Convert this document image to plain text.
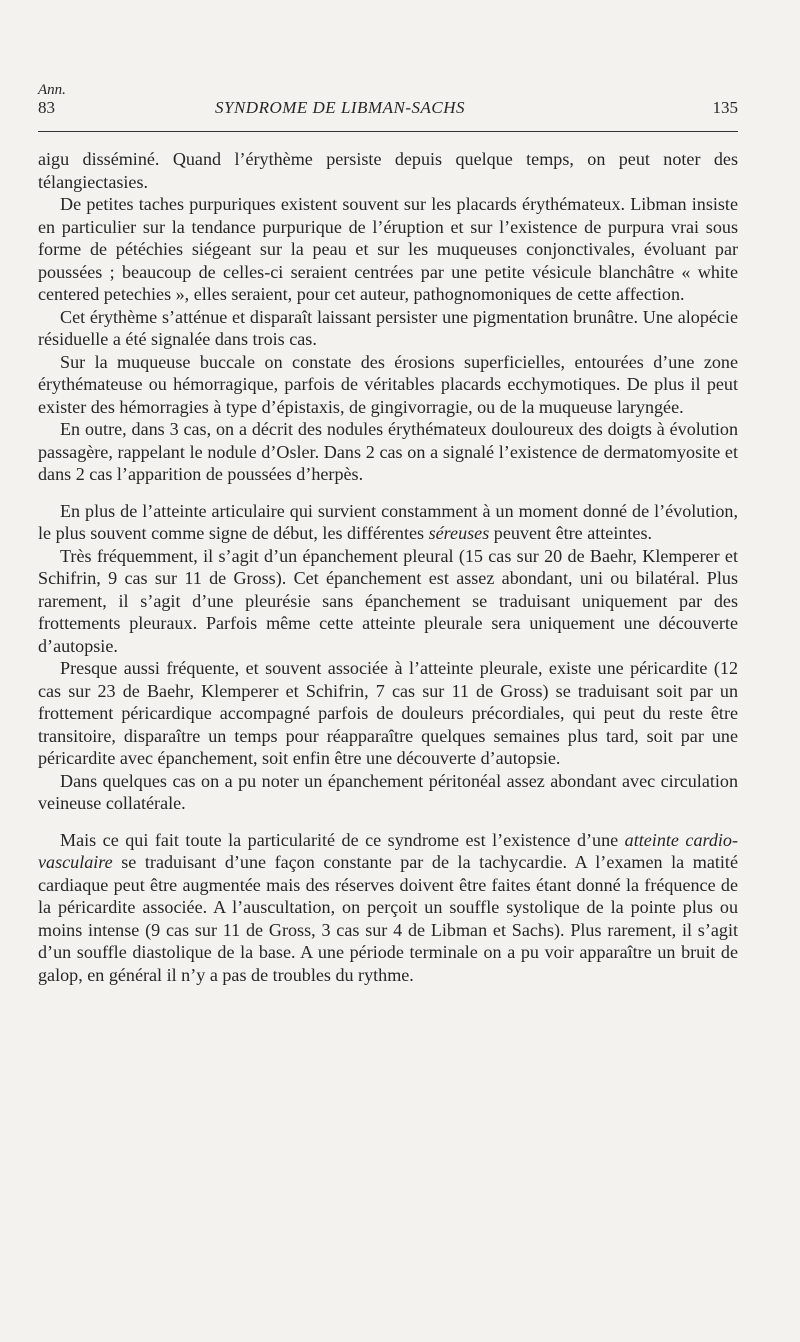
Ann.
83	SYNDROME DE LIBMAN-SACHS	135

aigu disséminé. Quand l’érythème persiste depuis quelque temps, on peut noter des télangiectasies.

De petites taches purpuriques existent souvent sur les placards érythémateux. Libman insiste en particulier sur la tendance purpurique de l’éruption et sur l’existence de purpura vrai sous forme de pétéchies siégeant sur la peau et sur les muqueuses conjonctivales, évoluant par poussées ; beaucoup de celles-ci seraient centrées par une petite vésicule blanchâtre « white centered petechies », elles seraient, pour cet auteur, pathognomoniques de cette affection.

Cet érythème s’atténue et disparaît laissant persister une pigmentation brunâtre. Une alopécie résiduelle a été signalée dans trois cas.

Sur la muqueuse buccale on constate des érosions superficielles, entourées d’une zone érythémateuse ou hémorragique, parfois de véritables placards ecchymotiques. De plus il peut exister des hémorragies à type d’épistaxis, de gingivorragie, ou de la muqueuse laryngée.

En outre, dans 3 cas, on a décrit des nodules érythémateux douloureux des doigts à évolution passagère, rappelant le nodule d’Osler. Dans 2 cas on a signalé l’existence de dermatomyosite et dans 2 cas l’apparition de poussées d’herpès.

En plus de l’atteinte articulaire qui survient constamment à un moment donné de l’évolution, le plus souvent comme signe de début, les différentes séreuses peuvent être atteintes.

Très fréquemment, il s’agit d’un épanchement pleural (15 cas sur 20 de Baehr, Klemperer et Schifrin, 9 cas sur 11 de Gross). Cet épanchement est assez abondant, uni ou bilatéral. Plus rarement, il s’agit d’une pleurésie sans épanchement se traduisant uniquement par des frottements pleuraux. Parfois même cette atteinte pleurale sera uniquement une découverte d’autopsie.

Presque aussi fréquente, et souvent associée à l’atteinte pleurale, existe une péricardite (12 cas sur 23 de Baehr, Klemperer et Schifrin, 7 cas sur 11 de Gross) se traduisant soit par un frottement péricardique accompagné parfois de douleurs précordiales, qui peut du reste être transitoire, disparaître un temps pour réapparaître quelques semaines plus tard, soit par une péricardite avec épanchement, soit enfin être une découverte d’autopsie.

Dans quelques cas on a pu noter un épanchement péritonéal assez abondant avec circulation veineuse collatérale.

Mais ce qui fait toute la particularité de ce syndrome est l’existence d’une atteinte cardio-vasculaire se traduisant d’une façon constante par de la tachycardie. A l’examen la matité cardiaque peut être augmentée mais des réserves doivent être faites étant donné la fréquence de la péricardite associée. A l’auscultation, on perçoit un souffle systolique de la pointe plus ou moins intense (9 cas sur 11 de Gross, 3 cas sur 4 de Libman et Sachs). Plus rarement, il s’agit d’un souffle diastolique de la base. A une période terminale on a pu voir apparaître un bruit de galop, en général il n’y a pas de troubles du rythme.
